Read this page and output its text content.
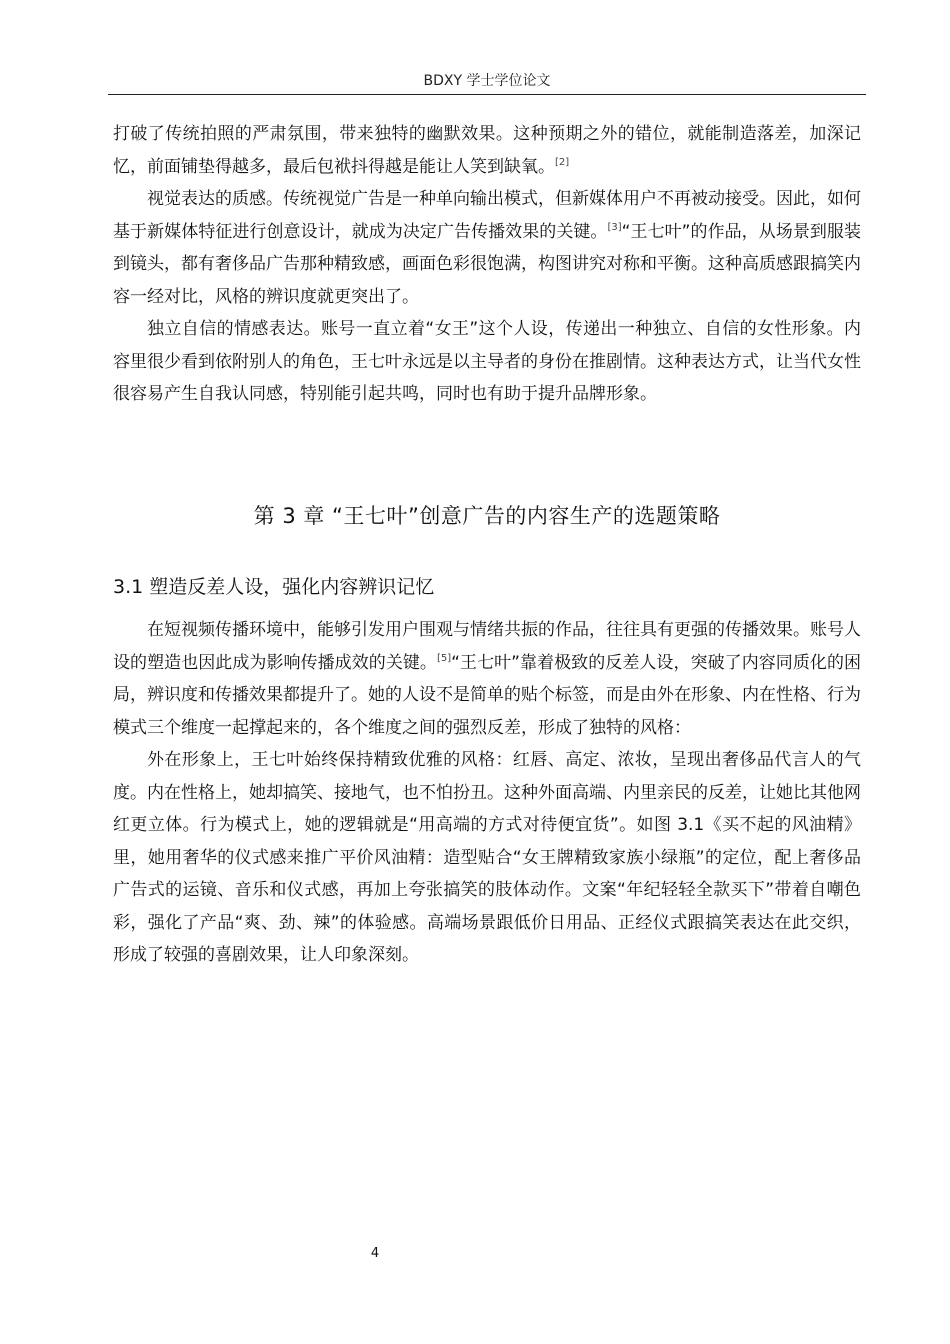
BDXY 学士学位论文

打破了传统拍照的严肃氛围，带来独特的幽默效果。这种预期之外的错位，就能制造落差，加深记忆，前面铺垫得越多，最后包袱抖得越是能让人笑到缺氧。[2]

视觉表达的质感。传统视觉广告是一种单向输出模式，但新媒体用户不再被动接受。因此，如何基于新媒体特征进行创意设计，就成为决定广告传播效果的关键。[3]“王七叶”的作品，从场景到服装到镜头，都有奢侈品广告那种精致感，画面色彩很饱满，构图讲究对称和平衡。这种高质感跟搞笑内容一经对比，风格的辨识度就更突出了。

独立自信的情感表达。账号一直立着“女王”这个人设，传递出一种独立、自信的女性形象。内容里很少看到依附别人的角色，王七叶永远是以主导者的身份在推剧情。这种表达方式，让当代女性很容易产生自我认同感，特别能引起共鸣，同时也有助于提升品牌形象。

第 3 章 “王七叶”创意广告的内容生产的选题策略
3.1 塑造反差人设，强化内容辨识记忆

在短视频传播环境中，能够引发用户围观与情绪共振的作品，往往具有更强的传播效果。账号人设的塑造也因此成为影响传播成效的关键。[5]“王七叶”靠着极致的反差人设，突破了内容同质化的困局，辨识度和传播效果都提升了。她的人设不是简单的贴个标签，而是由外在形象、内在性格、行为模式三个维度一起撑起来的，各个维度之间的强烈反差，形成了独特的风格：

外在形象上，王七叶始终保持精致优雅的风格：红唇、高定、浓妆，呈现出奢侈品代言人的气度。内在性格上，她却搞笑、接地气，也不怕扮丑。这种外面高端、内里亲民的反差，让她比其他网红更立体。行为模式上，她的逻辑就是“用高端的方式对待便宜货”。如图 3.1《买不起的风油精》里，她用奢华的仪式感来推广平价风油精：造型贴合“女王牌精致家族小绿瓶”的定位，配上奢侈品广告式的运镜、音乐和仪式感，再加上夸张搞笑的肢体动作。文案“年纪轻轻全款买下”带着自嘲色彩，强化了产品“爽、劲、辣”的体验感。高端场景跟低价日用品、正经仪式跟搞笑表达在此交织，形成了较强的喜剧效果，让人印象深刻。

4
